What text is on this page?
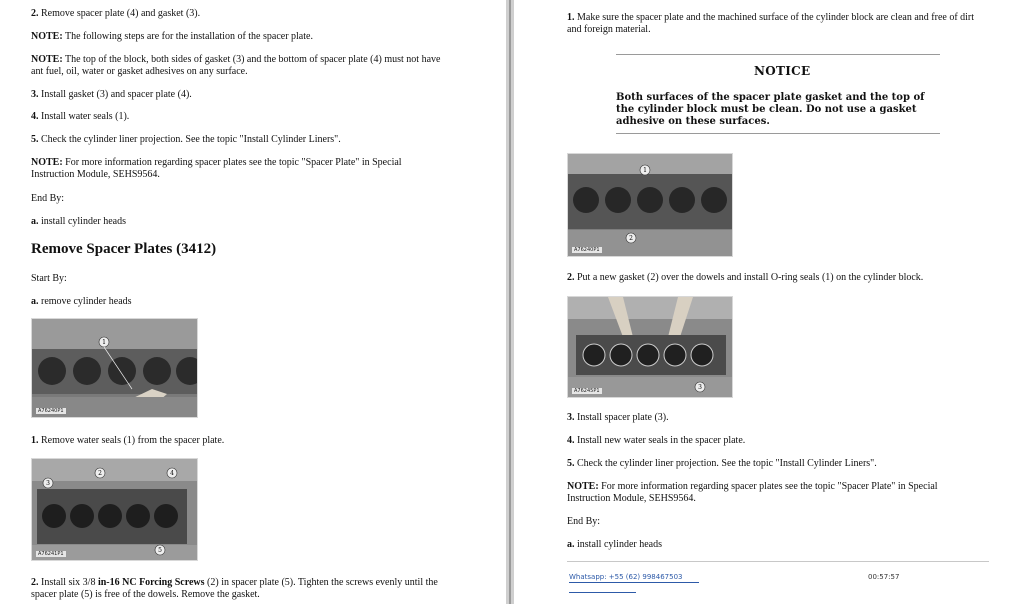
2. Remove spacer plate (4) and gasket (3).
NOTE: The following steps are for the installation of the spacer plate.
NOTE: The top of the block, both sides of gasket (3) and the bottom of spacer plate (4) must not have ant fuel, oil, water or gasket adhesives on any surface.
3. Install gasket (3) and spacer plate (4).
4. Install water seals (1).
5. Check the cylinder liner projection. See the topic "Install Cylinder Liners".
NOTE: For more information regarding spacer plates see the topic "Spacer Plate" in Special Instruction Module, SEHS9564.
End By:
a. install cylinder heads
Remove Spacer Plates (3412)
Start By:
a. remove cylinder heads
1
A76240P1
1. Remove water seals (1) from the spacer plate.
2
3
4
5
A76241P1
2. Install six 3/8 in-16 NC Forcing Screws (2) in spacer plate (5). Tighten the screws evenly until the spacer plate (5) is free of the dowels. Remove the gasket.
1. Make sure the spacer plate and the machined surface of the cylinder block are clean and free of dirt and foreign material.
NOTICE
Both surfaces of the spacer plate gasket and the top of the cylinder block must be clean. Do not use a gasket adhesive on these surfaces.
1
2
A76240P1
2. Put a new gasket (2) over the dowels and install O-ring seals (1) on the cylinder block.
3
A76245P1
3. Install spacer plate (3).
4. Install new water seals in the spacer plate.
5. Check the cylinder liner projection. See the topic "Install Cylinder Liners".
NOTE: For more information regarding spacer plates see the topic "Spacer Plate" in Special Instruction Module, SEHS9564.
End By:
a. install cylinder heads
Whatsapp: +55 (62) 998467503	00:57:57
